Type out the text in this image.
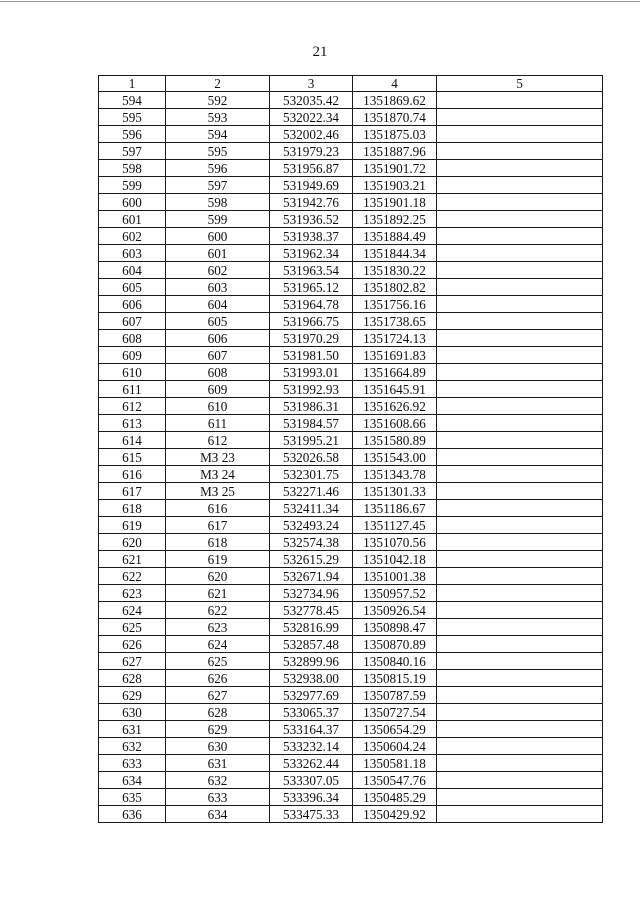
21
1	2	3	4	5
594	592	532035.42	1351869.62	
595	593	532022.34	1351870.74	
596	594	532002.46	1351875.03	
597	595	531979.23	1351887.96	
598	596	531956.87	1351901.72	
599	597	531949.69	1351903.21	
600	598	531942.76	1351901.18	
601	599	531936.52	1351892.25	
602	600	531938.37	1351884.49	
603	601	531962.34	1351844.34	
604	602	531963.54	1351830.22	
605	603	531965.12	1351802.82	
606	604	531964.78	1351756.16	
607	605	531966.75	1351738.65	
608	606	531970.29	1351724.13	
609	607	531981.50	1351691.83	
610	608	531993.01	1351664.89	
611	609	531992.93	1351645.91	
612	610	531986.31	1351626.92	
613	611	531984.57	1351608.66	
614	612	531995.21	1351580.89	
615	МЗ 23	532026.58	1351543.00	
616	МЗ 24	532301.75	1351343.78	
617	МЗ 25	532271.46	1351301.33	
618	616	532411.34	1351186.67	
619	617	532493.24	1351127.45	
620	618	532574.38	1351070.56	
621	619	532615.29	1351042.18	
622	620	532671.94	1351001.38	
623	621	532734.96	1350957.52	
624	622	532778.45	1350926.54	
625	623	532816.99	1350898.47	
626	624	532857.48	1350870.89	
627	625	532899.96	1350840.16	
628	626	532938.00	1350815.19	
629	627	532977.69	1350787.59	
630	628	533065.37	1350727.54	
631	629	533164.37	1350654.29	
632	630	533232.14	1350604.24	
633	631	533262.44	1350581.18	
634	632	533307.05	1350547.76	
635	633	533396.34	1350485.29	
636	634	533475.33	1350429.92	
